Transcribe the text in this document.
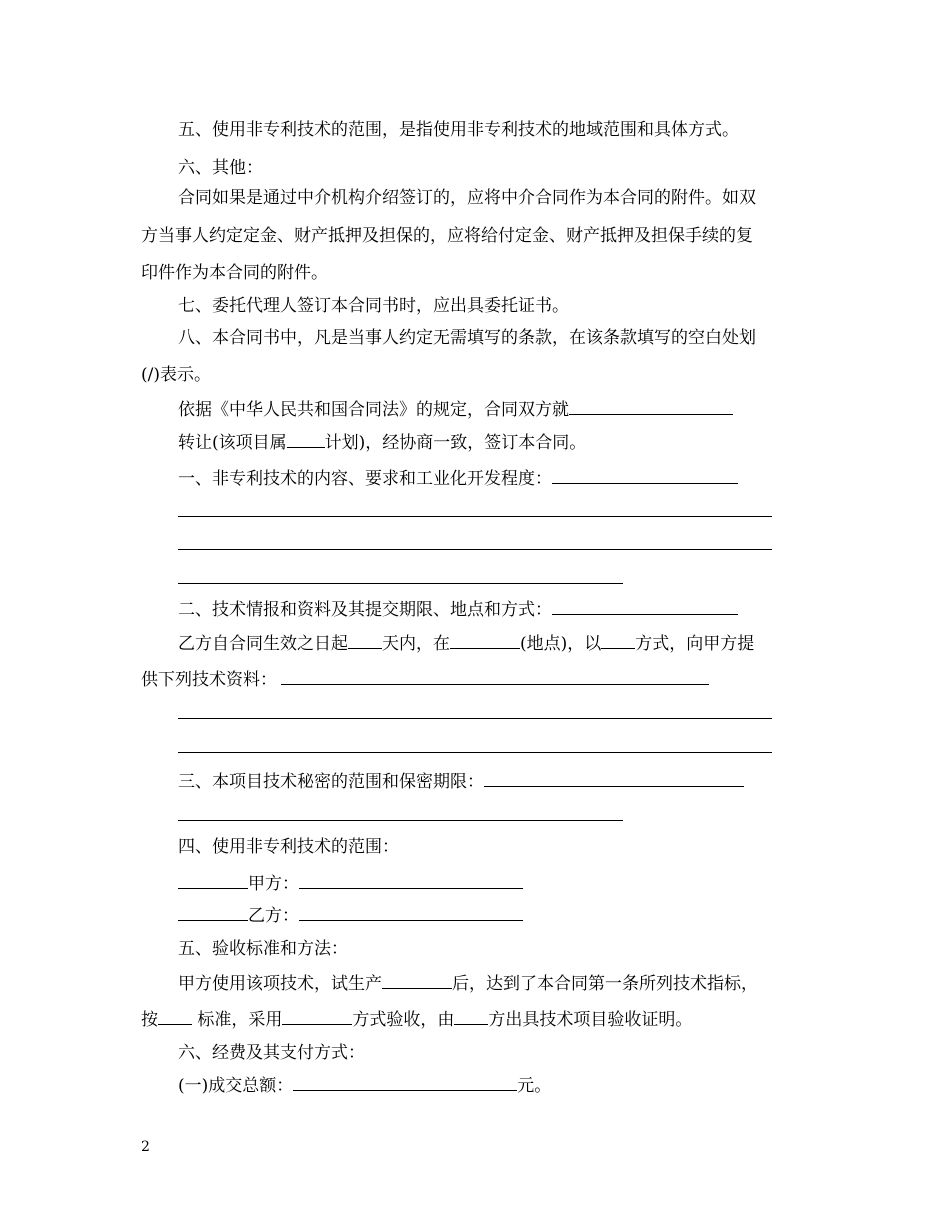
五、使用非专利技术的范围，是指使用非专利技术的地域范围和具体方式。
六、其他：
合同如果是通过中介机构介绍签订的，应将中介合同作为本合同的附件。如双
方当事人约定定金、财产抵押及担保的，应将给付定金、财产抵押及担保手续的复
印件作为本合同的附件。
七、委托代理人签订本合同书时，应出具委托证书。
八、本合同书中，凡是当事人约定无需填写的条款，在该条款填写的空白处划
(/)表示。
依据《中华人民共和国合同法》的规定，合同双方就
转让(该项目属 计划)，经协商一致，签订本合同。
一、非专利技术的内容、要求和工业化开发程度：
二、技术情报和资料及其提交期限、地点和方式：
乙方自合同生效之日起 天内，在	(地点)，以 方式，向甲方提
供下列技术资料：
三、本项目技术秘密的范围和保密期限：
四、使用非专利技术的范围：
甲方：
乙方：
五、验收标准和方法：
甲方使用该项技术，试生产	后，达到了本合同第一条所列技术指标，
按 标准，采用	方式验收，由 方出具技术项目验收证明。
六、经费及其支付方式：
(一)成交总额：	元。
2
